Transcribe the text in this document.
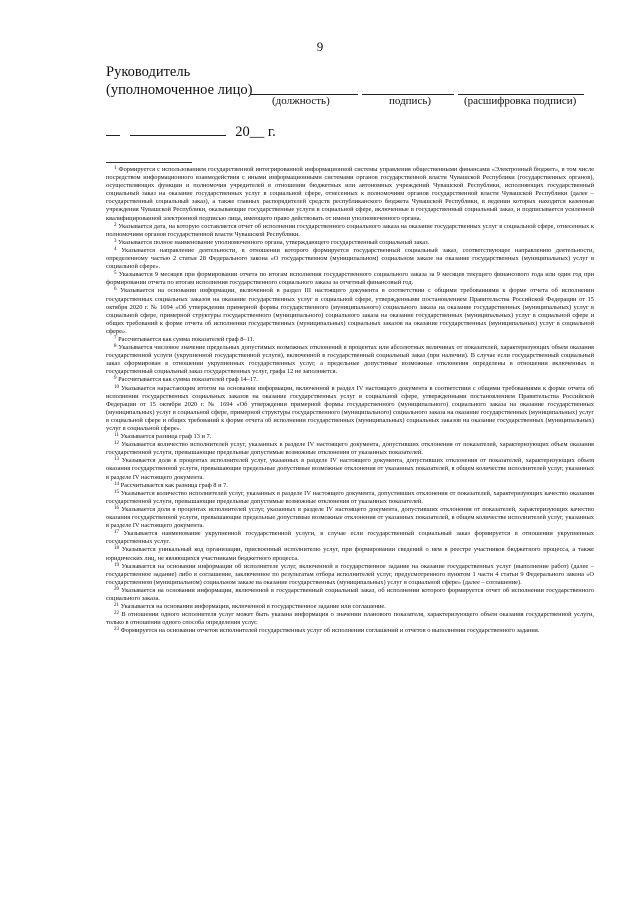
9
Руководитель
(уполномоченное лицо)
(должность)	подпись)	(расшифровка подписи)
20__ г.

$^1$ Формируется с использованием государственной интегрированной информационной системы управления общественными финансами «Электронный бюджет», в том числе посредством информационного взаимодействия с иными информационными системами органов государственной власти Чувашской Республики (государственных органов), осуществляющих функции и полномочия учредителей в отношении бюджетных или автономных учреждений Чувашской Республики, исполняющих государственный социальный заказ на оказание государственных услуг в социальной сфере, отнесенных к полномочиям органов государственной власти Чувашской Республики (далее – государственный социальный заказ), а также главных распорядителей средств республиканского бюджета Чувашской Республики, в ведении которых находятся казенные учреждения Чувашской Республики, оказывающие государственные услуги в социальной сфере, включенные в государственный социальный заказ, и подписывается усиленной квалифицированной электронной подписью лица, имеющего право действовать от имени уполномоченного органа.

$^2$ Указывается дата, на которую составляется отчет об исполнении государственного социального заказа на оказание государственных услуг в социальной сфере, отнесенных к полномочиям органов государственной власти Чувашской Республики.

$^3$ Указывается полное наименование уполномоченного органа, утверждающего государственный социальный заказ.

$^4$ Указывается направление деятельности, в отношении которого формируется государственный социальный заказ, соответствующее направлению деятельности, определенному частью 2 статьи 28 Федерального закона «О государственном (муниципальном) социальном заказе на оказание государственных (муниципальных) услуг в социальной сфере».

$^5$ Указывается 9 месяцев при формировании отчета по итогам исполнения государственного социального заказа за 9 месяцев текущего финансового года или один год при формировании отчета по итогам исполнения государственного социального заказа за отчетный финансовый год.

$^6$ Указывается на основании информации, включенной в раздел III настоящего документа в соответствии с общими требованиями к форме отчета об исполнении государственных социальных заказов на оказание государственных услуг в социальной сфере, утвержденными постановлением Правительства Российской Федерации от 15 октября 2020 г. № 1694 «Об утверждении примерной формы государственного (муниципального) социального заказа на оказание государственных (муниципальных) услуг в социальной сфере, примерной структуры государственного (муниципального) социального заказа на оказание государственных (муниципальных) услуг в социальной сфере и общих требований к форме отчета об исполнении государственных (муниципальных) социальных заказов на оказание государственных (муниципальных) услуг в социальной сфере».

$^7$ Рассчитывается как сумма показателей граф 8–11.

$^8$ Указывается числовое значение предельных допустимых возможных отклонений в процентах или абсолютных величинах от показателей, характеризующих объем оказания государственной услуги (укрупненной государственной услуги), включенной в государственный социальный заказ (при наличии). В случае если государственный социальный заказ сформирован в отношении укрупненных государственных услуг, а предельные допустимые возможные отклонения определены в отношении включенных в государственный социальный заказ государственных услуг, графа 12 не заполняется.

$^9$ Рассчитывается как сумма показателей граф 14–17.

$^{10}$ Указывается нарастающим итогом на основании информации, включенной в раздел IV настоящего документа в соответствии с общими требованиями к форме отчета об исполнении государственных социальных заказов на оказание государственных услуг в социальной сфере, утвержденными постановлением Правительства Российской Федерации от 15 октября 2020 г. № 1694 «Об утверждении примерной формы государственного (муниципального) социального заказа на оказание государственных (муниципальных) услуг в социальной сфере, примерной структуры государственного (муниципального) социального заказа на оказание государственных (муниципальных) услуг в социальной сфере и общих требований к форме отчета об исполнении государственных (муниципальных) социальных заказов на оказание государственных (муниципальных) услуг в социальной сфере».

$^{11}$ Указывается разница граф 13 и 7.

$^{12}$ Указывается количество исполнителей услуг, указанных в разделе IV настоящего документа, допустивших отклонения от показателей, характеризующих объем оказания государственной услуги, превышающие предельные допустимые возможные отклонения от указанных показателей.

$^{13}$ Указывается доля в процентах исполнителей услуг, указанных в разделе IV настоящего документа, допустивших отклонения от показателей, характеризующих объем оказания государственной услуги, превышающие предельные допустимые возможные отклонения от указанных показателей, в общем количестве исполнителей услуг, указанных в разделе IV настоящего документа.

$^{14}$ Рассчитывается как разница граф 8 и 7.

$^{15}$ Указывается количество исполнителей услуг, указанных в разделе IV настоящего документа, допустивших отклонения от показателей, характеризующих качество оказания государственной услуги, превышающие предельные допустимые возможные отклонения от указанных показателей.

$^{16}$ Указывается доля в процентах исполнителей услуг, указанных в разделе IV настоящего документа, допустивших отклонения от показателей, характеризующих качество оказания государственной услуги, превышающие предельные допустимые возможные отклонения от указанных показателей, в общем количестве исполнителей услуг, указанных в разделе IV настоящего документа.

$^{17}$ Указывается наименование укрупненной государственной услуги, в случае если государственный социальный заказ формируется в отношении укрупненных государственных услуг.

$^{18}$ Указывается уникальный код организации, присвоенный исполнителю услуг, при формировании сведений о нем в реестре участников бюджетного процесса, а также юридических лиц, не являющихся участниками бюджетного процесса.

$^{19}$ Указывается на основании информации об исполнителе услуг, включенной в государственное задание на оказание государственных услуг (выполнение работ) (далее – государственное задание) либо в соглашение, заключенное по результатам отбора исполнителей услуг, предусмотренного пунктом 1 части 4 статьи 9 Федерального закона «О государственном (муниципальном) социальном заказе на оказание государственных (муниципальных) услуг в социальной сфере» (далее – соглашение).

$^{20}$ Указывается на основании информации, включенной в государственный социальный заказ, об исполнении которого формируется отчет об исполнении государственного социального заказа.

$^{21}$ Указывается на основании информации, включенной в государственное задание или соглашение.

$^{22}$ В отношении одного исполнителя услуг может быть указана информация о значении планового показателя, характеризующего объем оказания государственной услуги, только в отношении одного способа определения услуг.

$^{23}$ Формируется на основании отчетов исполнителей государственных услуг об исполнении соглашений и отчетов о выполнении государственного задания.
